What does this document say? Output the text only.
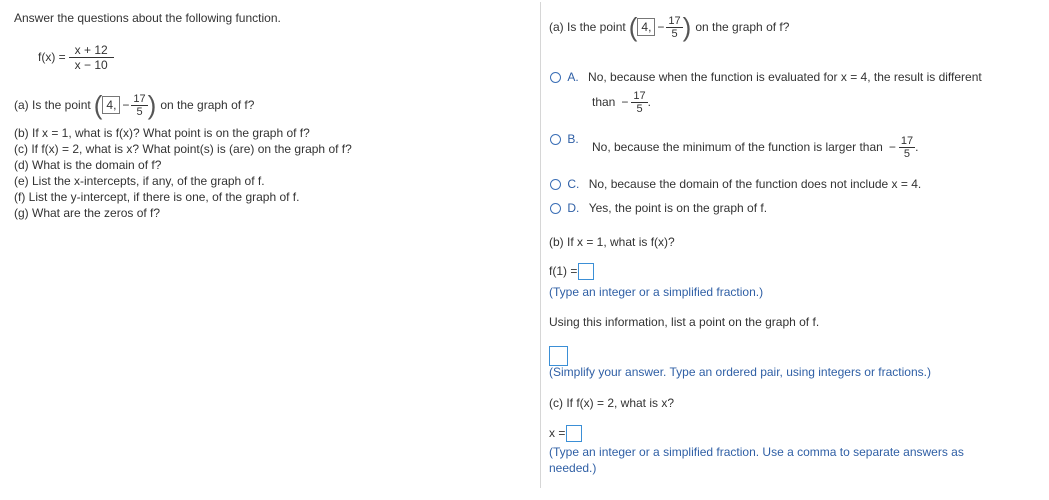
Answer the questions about the following function.
$f(x) = \frac{x + 12}{x - 10}$
(a) Is the point ( 4, − $\frac{17}{5}$ ) on the graph of f?
(b) If x = 1, what is f(x)? What point is on the graph of f?
(c) If f(x) = 2, what is x? What point(s) is (are) on the graph of f?
(d) What is the domain of f?
(e) List the x-intercepts, if any, of the graph of f.
(f) List the y-intercept, if there is one, of the graph of f.
(g) What are the zeros of f?
(a) Is the point ( 4, − $\frac{17}{5}$ ) on the graph of f?
A. No, because when the function is evaluated for x = 4, the result is different
than − $\frac{17}{5}$ .
B.
No, because the minimum of the function is larger than − $\frac{17}{5}$ .
C. No, because the domain of the function does not include x = 4.
D. Yes, the point is on the graph of f.
(b) If x = 1, what is f(x)?
f(1) =
(Type an integer or a simplified fraction.)
Using this information, list a point on the graph of f.
(Simplify your answer. Type an ordered pair, using integers or fractions.)
(c) If f(x) = 2, what is x?
x =
(Type an integer or a simplified fraction. Use a comma to separate answers as
needed.)
